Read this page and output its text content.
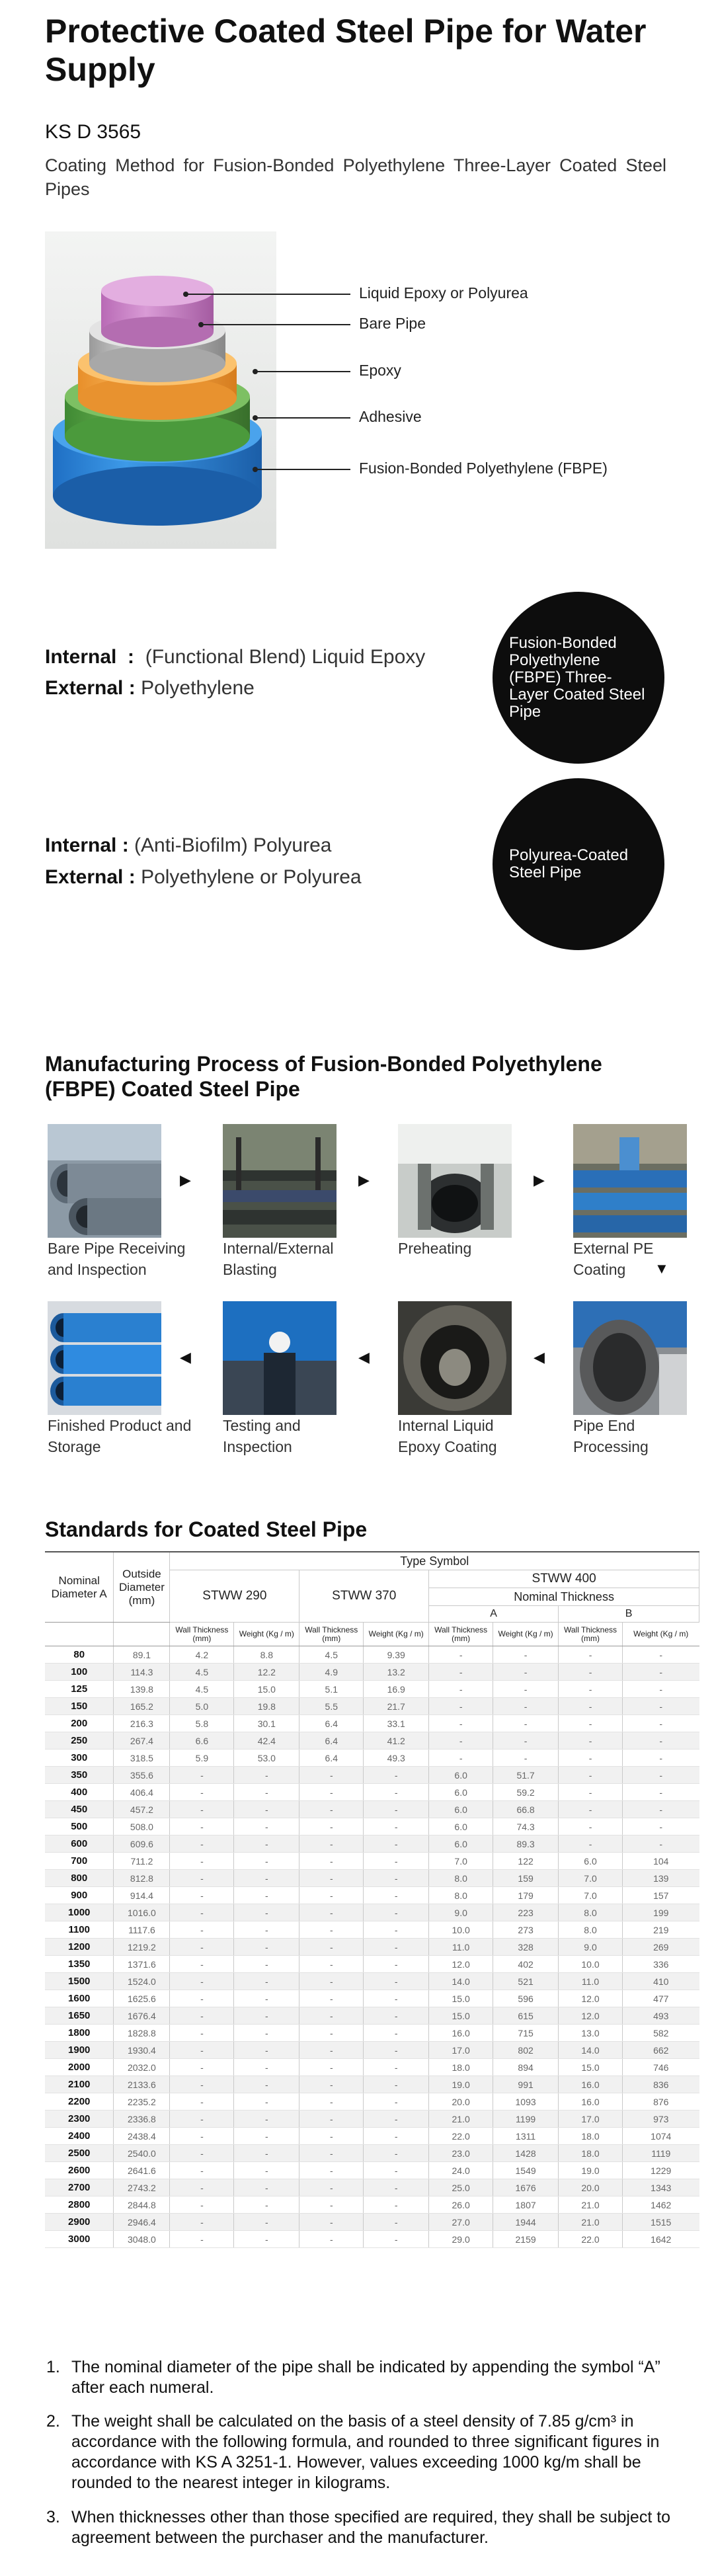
Protective Coated Steel Pipe for Water Supply
KS D 3565
Coating Method for Fusion-Bonded Polyethylene Three-Layer Coated Steel Pipes
Liquid Epoxy or Polyurea
Bare Pipe
Epoxy
Adhesive
Fusion-Bonded Polyethylene (FBPE)
Internal  :  (Functional Blend) Liquid Epoxy
External : Polyethylene
Fusion-Bonded Polyethylene (FBPE) Three-Layer Coated Steel Pipe
Internal : (Anti-Biofilm) Polyurea
External : Polyethylene or Polyurea
Polyurea-Coated Steel Pipe
Manufacturing Process of Fusion-Bonded Polyethylene (FBPE) Coated Steel Pipe
▶	▶	▶
▼
Bare Pipe Receiving and Inspection
Internal/External Blasting
Preheating	External PE Coating
◀	◀	◀
Finished Product and Storage
Testing and Inspection
Internal Liquid Epoxy Coating
Pipe End Processing
Standards for Coated Steel Pipe
Nominal Diameter A	Outside Diameter (mm)	Type Symbol							
		STWW 290		STWW 370		STWW 400			
						Nominal Thickness			
						A		B	
		Wall Thickness (mm)	Weight (Kg / m)	Wall Thickness (mm)	Weight (Kg / m)	Wall Thickness (mm)	Weight (Kg / m)	Wall Thickness (mm)	Weight (Kg / m)
80	89.1	4.2	8.8	4.5	9.39	-	-	-	-
100	114.3	4.5	12.2	4.9	13.2	-	-	-	-
125	139.8	4.5	15.0	5.1	16.9	-	-	-	-
150	165.2	5.0	19.8	5.5	21.7	-	-	-	-
200	216.3	5.8	30.1	6.4	33.1	-	-	-	-
250	267.4	6.6	42.4	6.4	41.2	-	-	-	-
300	318.5	5.9	53.0	6.4	49.3	-	-	-	-
350	355.6	-	-	-	-	6.0	51.7	-	-
400	406.4	-	-	-	-	6.0	59.2	-	-
450	457.2	-	-	-	-	6.0	66.8	-	-
500	508.0	-	-	-	-	6.0	74.3	-	-
600	609.6	-	-	-	-	6.0	89.3	-	-
700	711.2	-	-	-	-	7.0	122	6.0	104
800	812.8	-	-	-	-	8.0	159	7.0	139
900	914.4	-	-	-	-	8.0	179	7.0	157
1000	1016.0	-	-	-	-	9.0	223	8.0	199
1100	1117.6	-	-	-	-	10.0	273	8.0	219
1200	1219.2	-	-	-	-	11.0	328	9.0	269
1350	1371.6	-	-	-	-	12.0	402	10.0	336
1500	1524.0	-	-	-	-	14.0	521	11.0	410
1600	1625.6	-	-	-	-	15.0	596	12.0	477
1650	1676.4	-	-	-	-	15.0	615	12.0	493
1800	1828.8	-	-	-	-	16.0	715	13.0	582
1900	1930.4	-	-	-	-	17.0	802	14.0	662
2000	2032.0	-	-	-	-	18.0	894	15.0	746
2100	2133.6	-	-	-	-	19.0	991	16.0	836
2200	2235.2	-	-	-	-	20.0	1093	16.0	876
2300	2336.8	-	-	-	-	21.0	1199	17.0	973
2400	2438.4	-	-	-	-	22.0	1311	18.0	1074
2500	2540.0	-	-	-	-	23.0	1428	18.0	1119
2600	2641.6	-	-	-	-	24.0	1549	19.0	1229
2700	2743.2	-	-	-	-	25.0	1676	20.0	1343
2800	2844.8	-	-	-	-	26.0	1807	21.0	1462
2900	2946.4	-	-	-	-	27.0	1944	21.0	1515
3000	3048.0	-	-	-	-	29.0	2159	22.0	1642
1. The nominal diameter of the pipe shall be indicated by appending the symbol “A” after each numeral.
2. The weight shall be calculated on the basis of a steel density of 7.85 g/cm³ in accordance with the following formula, and rounded to three significant figures in accordance with KS A 3251-1. However, values exceeding 1000 kg/m shall be rounded to the nearest integer in kilograms.
3. When thicknesses other than those specified are required, they shall be subject to agreement between the purchaser and the manufacturer.
